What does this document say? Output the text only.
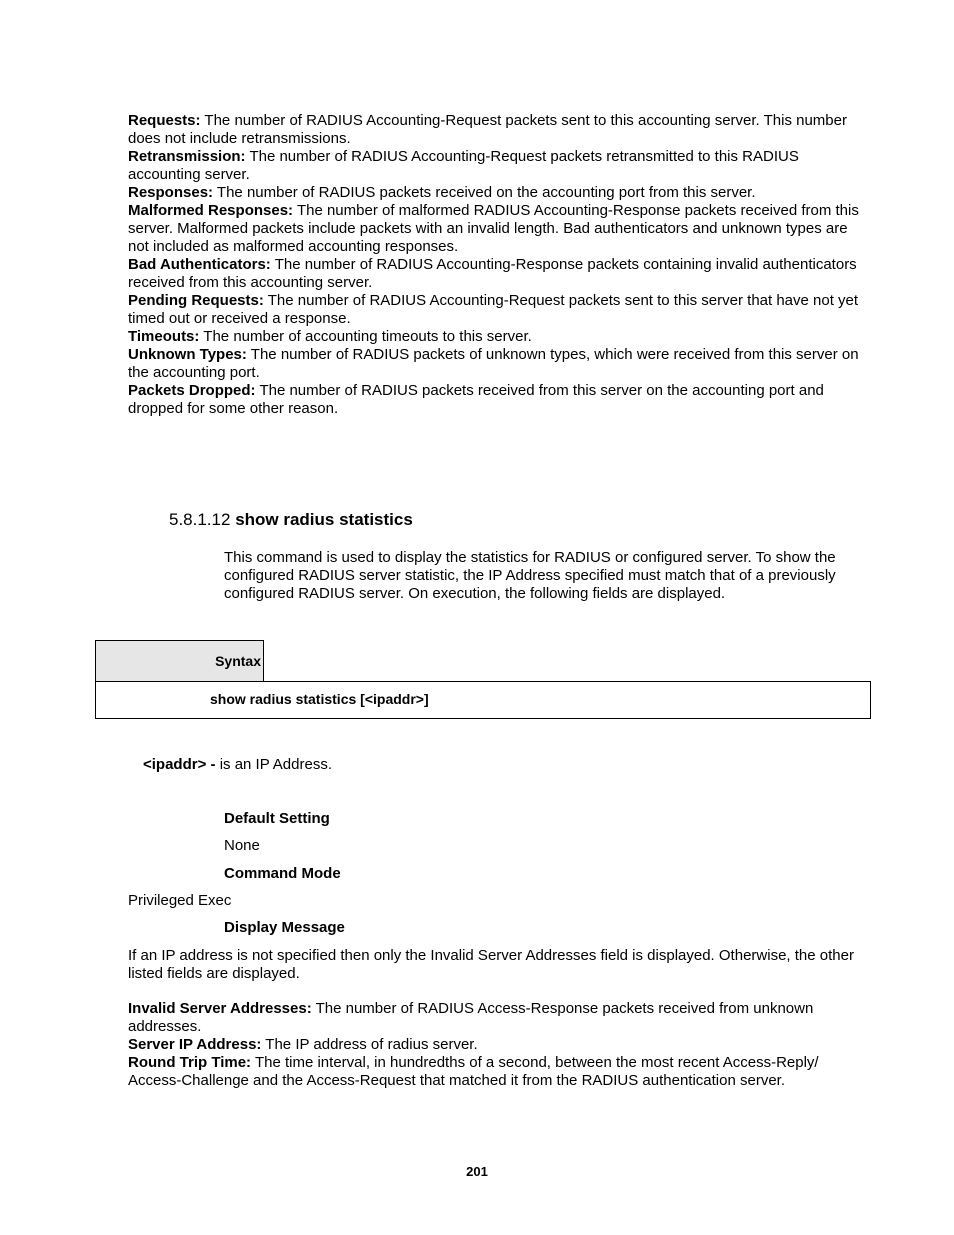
Requests: The number of RADIUS Accounting-Request packets sent to this accounting server. This number does not include retransmissions.

Retransmission: The number of RADIUS Accounting-Request packets retransmitted to this RADIUS accounting server.

Responses: The number of RADIUS packets received on the accounting port from this server.

Malformed Responses: The number of malformed RADIUS Accounting-Response packets received from this server. Malformed packets include packets with an invalid length. Bad authenticators and unknown types are not included as malformed accounting responses.

Bad Authenticators: The number of RADIUS Accounting-Response packets containing invalid authenticators received from this accounting server.

Pending Requests: The number of RADIUS Accounting-Request packets sent to this server that have not yet timed out or received a response.

Timeouts: The number of accounting timeouts to this server.

Unknown Types: The number of RADIUS packets of unknown types, which were received from this server on the accounting port.

Packets Dropped: The number of RADIUS packets received from this server on the accounting port and dropped for some other reason.

5.8.1.12 show radius statistics

This command is used to display the statistics for RADIUS or configured server. To show the configured RADIUS server statistic, the IP Address specified must match that of a previously configured RADIUS server. On execution, the following fields are displayed.

Syntax
show radius statistics [<ipaddr>]

<ipaddr> - is an IP Address.

Default Setting

None

Command Mode

Privileged Exec

Display Message

If an IP address is not specified then only the Invalid Server Addresses field is displayed. Otherwise, the other listed fields are displayed.

Invalid Server Addresses: The number of RADIUS Access-Response packets received from unknown addresses.

Server IP Address: The IP address of radius server.

Round Trip Time: The time interval, in hundredths of a second, between the most recent Access-Reply/ Access-Challenge and the Access-Request that matched it from the RADIUS authentication server.

201
